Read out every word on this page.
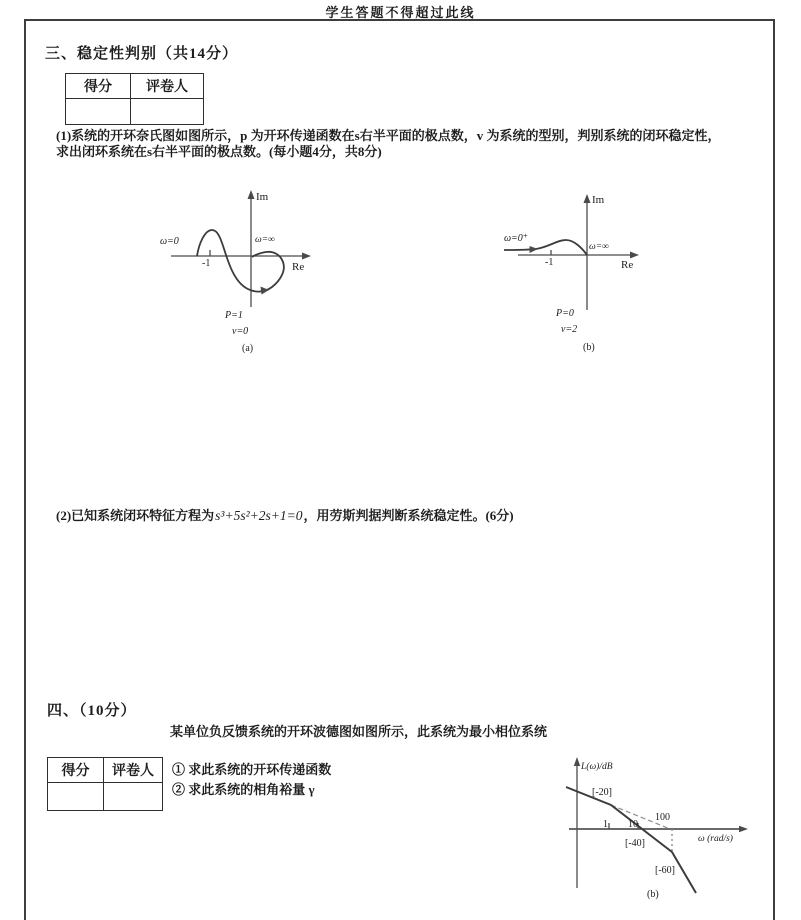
学生答题不得超过此线
三、稳定性判别（共14分）
得分	评卷人

(1)系统的开环奈氏图如图所示，p 为开环传递函数在s右半平面的极点数，v 为系统的型别，判别系统的闭环稳定性，
求出闭环系统在s右半平面的极点数。(每小题4分，共8分)
Im
Re
ω=0	ω=∞
-1
P=1
v=0
(a)
Im
Re
ω=0⁺
ω=∞
-1
P=0
v=2
(b)
(2)已知系统闭环特征方程为s³+5s²+2s+1=0，用劳斯判据判断系统稳定性。(6分)
四、（10分）
某单位负反馈系统的开环波德图如图所示，此系统为最小相位系统
得分	评卷人
	① 求此系统的开环传递函数
② 求此系统的相角裕量 γ
L(ω)/dB
ω (rad/s)
1 10
100
[-20]
[-40]
[-60]
(b)
